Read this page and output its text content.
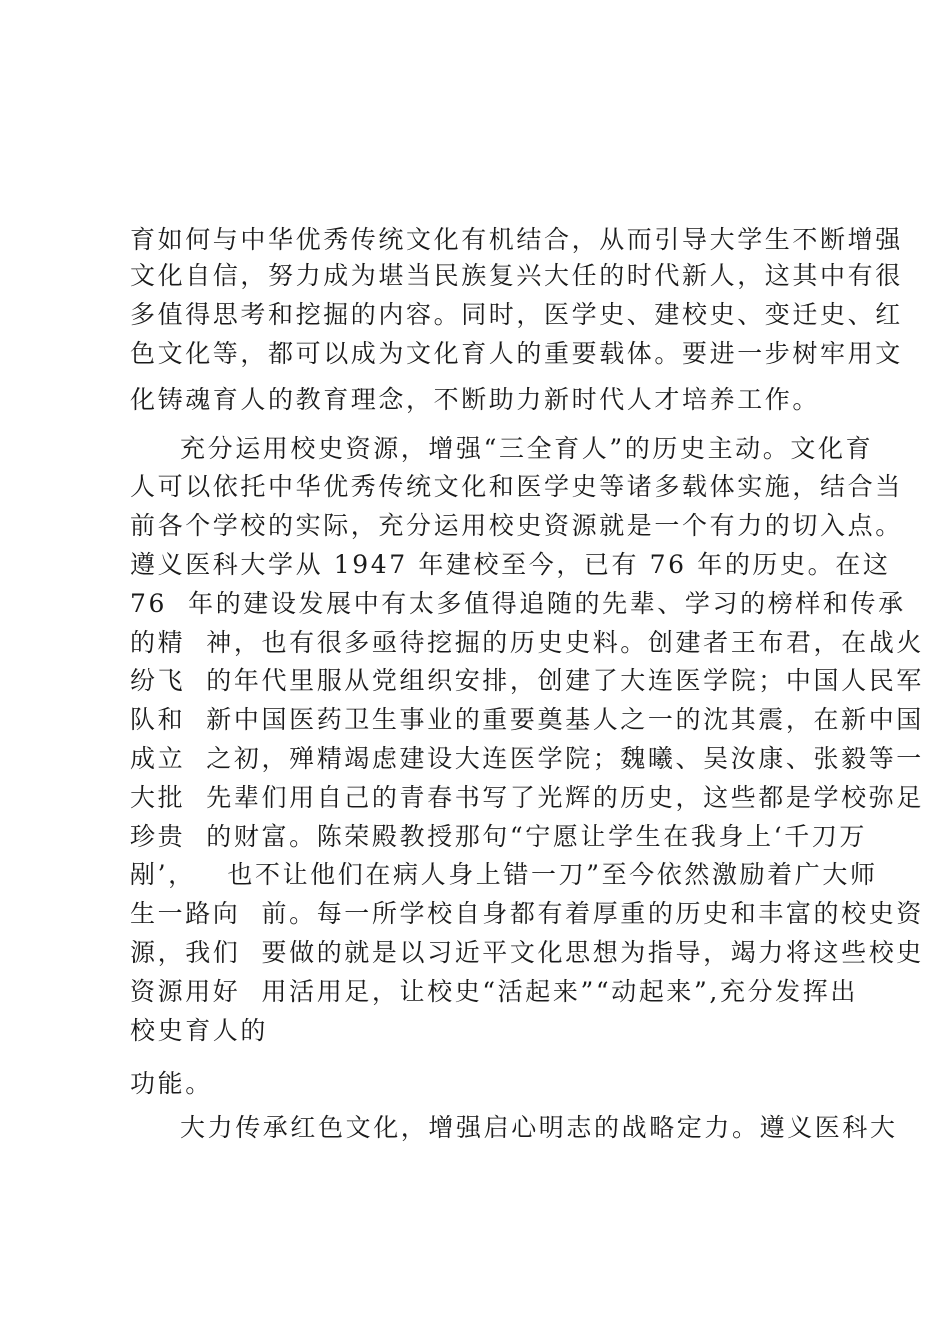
育如何与中华优秀传统文化有机结合，从而引导大学生不断增强
文化自信，努力成为堪当民族复兴大任的时代新人，这其中有很
多值得思考和挖掘的内容。同时，医学史、建校史、变迁史、红
色文化等，都可以成为文化育人的重要载体。要进一步树牢用文
化铸魂育人的教育理念，不断助力新时代人才培养工作。
充分运用校史资源，增强“三全育人”的历史主动。文化育
人可以依托中华优秀传统文化和医学史等诸多载体实施，结合当
前各个学校的实际，充分运用校史资源就是一个有力的切入点。
遵义医科大学从 1947 年建校至今，已有 76 年的历史。在这
76  年的建设发展中有太多值得追随的先辈、学习的榜样和传承
的精  神，也有很多亟待挖掘的历史史料。创建者王布君，在战火
纷飞  的年代里服从党组织安排，创建了大连医学院；中国人民军
队和  新中国医药卫生事业的重要奠基人之一的沈其震，在新中国
成立  之初，殚精竭虑建设大连医学院；魏曦、吴汝康、张毅等一
大批  先辈们用自己的青春书写了光辉的历史，这些都是学校弥足
珍贵  的财富。陈荣殿教授那句“宁愿让学生在我身上‘千刀万
剐’，   也不让他们在病人身上错一刀”至今依然激励着广大师
生一路向  前。每一所学校自身都有着厚重的历史和丰富的校史资
源，我们  要做的就是以习近平文化思想为指导，竭力将这些校史
资源用好  用活用足，让校史“活起来”“动起来”,充分发挥出
校史育人的
功能。
大力传承红色文化，增强启心明志的战略定力。遵义医科大
